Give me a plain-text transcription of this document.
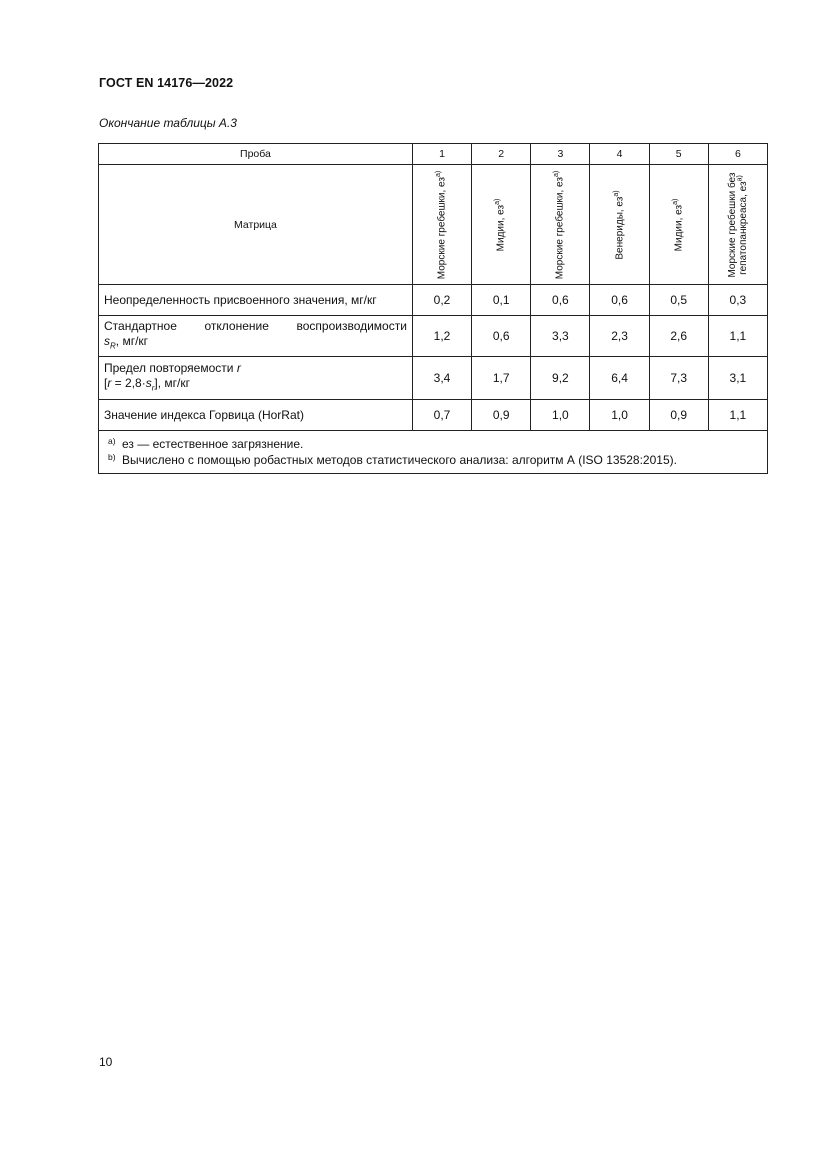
ГОСТ EN 14176—2022
Окончание таблицы А.3
Проба	1	2	3	4	5	6
Матрица	Морские гребешки, $ез^{а)}$	Мидии, $ез^{а)}$	Морские гребешки, $ез^{а)}$	Венериды, $ез^{а)}$	Мидии, $ез^{а)}$	Морские гребешки без гепатопанкреаса, $ез^{а)}$

Неопределенность присвоенного значения, мг/кг	0,2	0,1	0,6	0,6	0,5	0,3

Стандартное отклонение воспроизводимости
$s_R$, мг/кг	1,2	0,6	3,3	2,3	2,6	1,1

Предел повторяемости r
$[r = 2,8\cdot s_r]$, мг/кг	3,4	1,7	9,2	6,4	7,3	3,1
Значение индекса Горвица (HorRat)	0,7	0,9	1,0	1,0	0,9	1,1

a) ез — естественное загрязнение.
b) Вычислено с помощью робастных методов статистического анализа: алгоритм А (ISO 13528:2015).						
10
